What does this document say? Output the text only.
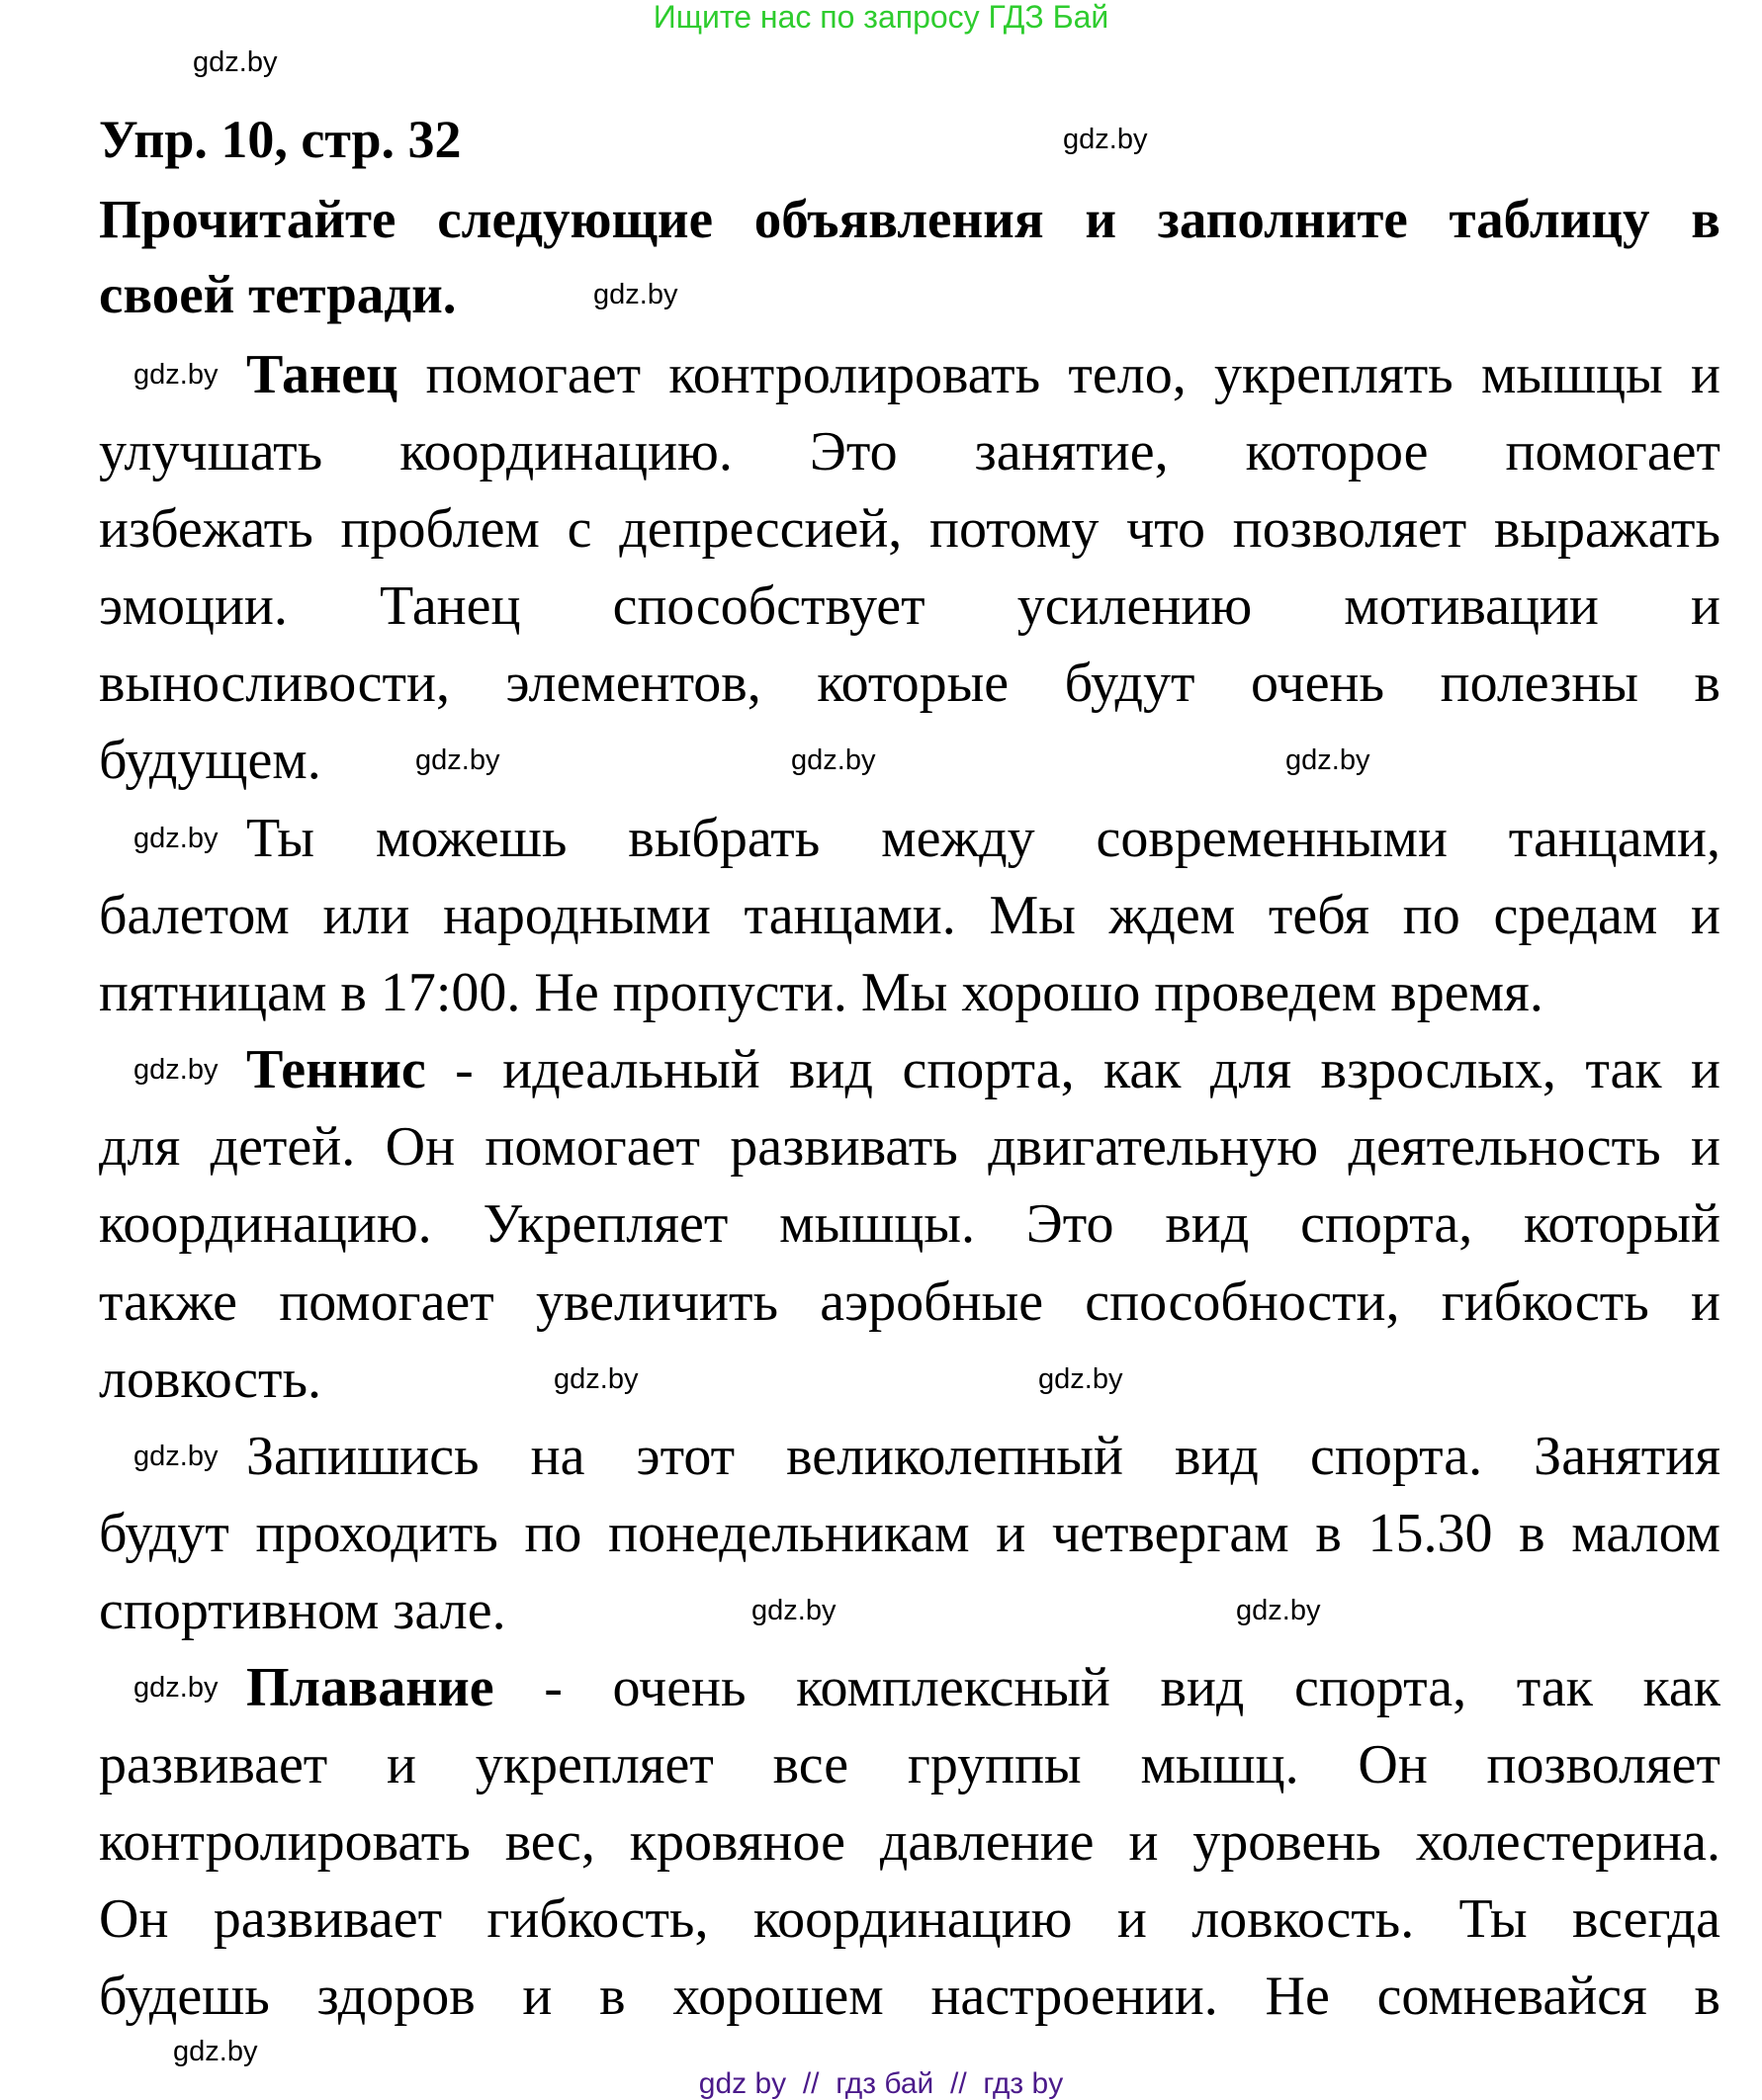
Ищите нас по запросу ГДЗ Бай
Упр. 10, стр. 32
Прочитайте следующие объявления и заполните таблицу в
своей тетради.
Танец помогает контролировать тело, укреплять мышцы и
улучшать координацию. Это занятие, которое помогает
избежать проблем с депрессией, потому что позволяет выражать
эмоции. Танец способствует усилению мотивации и
выносливости, элементов, которые будут очень полезны в
будущем.
Ты можешь выбрать между современными танцами,
балетом или народными танцами. Мы ждем тебя по средам и
пятницам в 17:00. Не пропусти. Мы хорошо проведем время.
Теннис - идеальный вид спорта, как для взрослых, так и
для детей. Он помогает развивать двигательную деятельность и
координацию. Укрепляет мышцы. Это вид спорта, который
также помогает увеличить аэробные способности, гибкость и
ловкость.
Запишись на этот великолепный вид спорта. Занятия
будут проходить по понедельникам и четвергам в 15.30 в малом
спортивном зале.
Плавание - очень комплексный вид спорта, так как
развивает и укрепляет все группы мышц. Он позволяет
контролировать вес, кровяное давление и уровень холестерина.
Он развивает гибкость, координацию и ловкость. Ты всегда
будешь здоров и в хорошем настроении. Не сомневайся в
gdz.by
gdz.by
gdz.by
gdz.by
gdz.by	gdz.by	gdz.by
gdz.by
gdz.by
gdz.by	gdz.by
gdz.by
gdz.by	gdz.by
gdz.by
gdz.by
gdz by  //  гдз бай  //  гдз by
